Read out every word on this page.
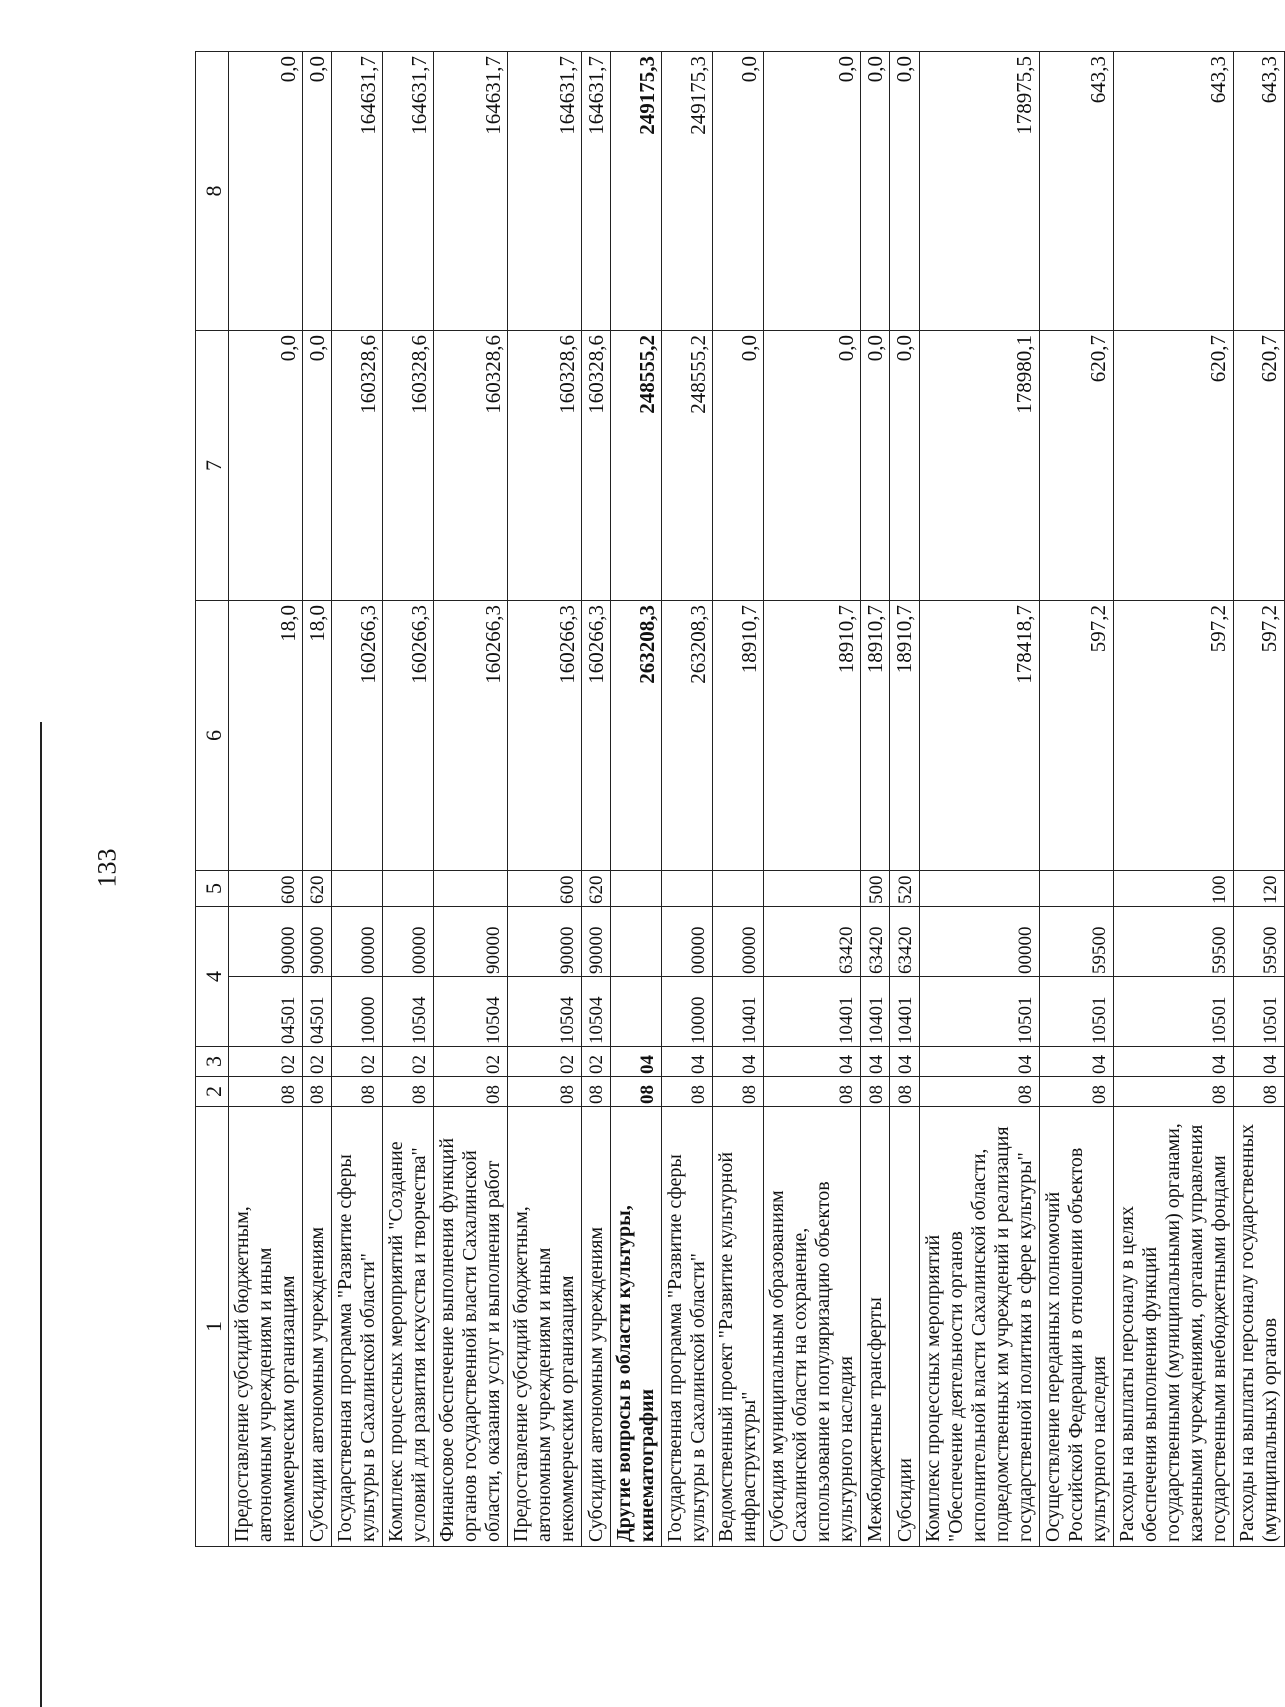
133
1	2	3	4		5	6	7	8
Предоставление субсидий бюджетным, автономным учреждениям и иным некоммерческим организациям	08	02	04501	90000	600	18,0	0,0	0,0
Субсидии автономным учреждениям	08	02	04501	90000	620	18,0	0,0	0,0
Государственная программа "Развитие сферы культуры в Сахалинской области"	08	02	10000	00000		160266,3	160328,6	164631,7
Комплекс процессных мероприятий "Создание условий для развития искусства и творчества"	08	02	10504	00000		160266,3	160328,6	164631,7
Финансовое обеспечение выполнения функций органов государственной власти Сахалинской области, оказания услуг и выполнения работ	08	02	10504	90000		160266,3	160328,6	164631,7
Предоставление субсидий бюджетным, автономным учреждениям и иным некоммерческим организациям	08	02	10504	90000	600	160266,3	160328,6	164631,7
Субсидии автономным учреждениям	08	02	10504	90000	620	160266,3	160328,6	164631,7
Другие вопросы в области культуры, кинематографии	08	04				263208,3	248555,2	249175,3
Государственная программа "Развитие сферы культуры в Сахалинской области"	08	04	10000	00000		263208,3	248555,2	249175,3
Ведомственный проект "Развитие культурной инфраструктуры"	08	04	10401	00000		18910,7	0,0	0,0
Субсидия муниципальным образованиям Сахалинской области на сохранение, использование и популяризацию объектов культурного наследия	08	04	10401	63420		18910,7	0,0	0,0
Межбюджетные трансферты	08	04	10401	63420	500	18910,7	0,0	0,0
Субсидии	08	04	10401	63420	520	18910,7	0,0	0,0
Комплекс процессных мероприятий "Обеспечение деятельности органов исполнительной власти Сахалинской области, подведомственных им учреждений и реализация государственной политики в сфере культуры"	08	04	10501	00000		178418,7	178980,1	178975,5
Осуществление переданных полномочий Российской Федерации в отношении объектов культурного наследия	08	04	10501	59500		597,2	620,7	643,3
Расходы на выплаты персоналу в целях обеспечения выполнения функций государственными (муниципальными) органами, казенными учреждениями, органами управления государственными внебюджетными фондами	08	04	10501	59500	100	597,2	620,7	643,3
Расходы на выплаты персоналу государственных (муниципальных) органов	08	04	10501	59500	120	597,2	620,7	643,3
